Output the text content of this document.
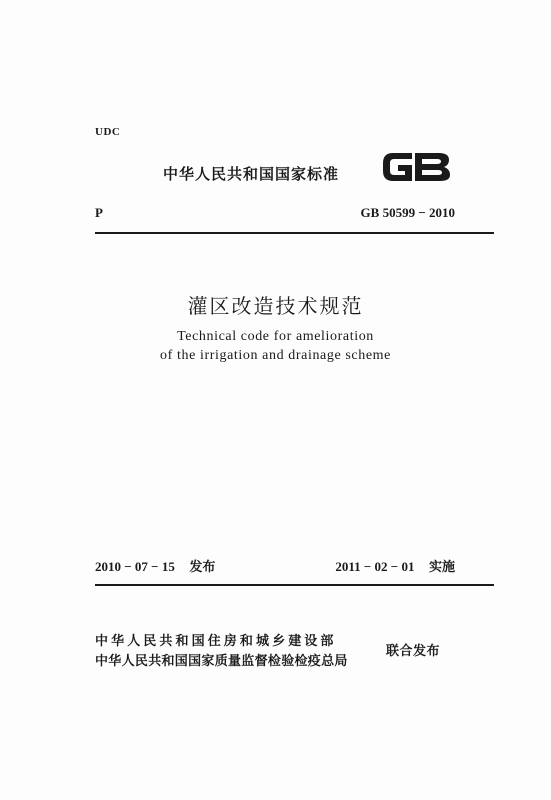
UDC
中华人民共和国国家标准
P	GB 50599 − 2010
灌区改造技术规范
Technical code for amelioration
of the irrigation and drainage scheme
2010 − 07 − 15 发布	2011 − 02 − 01 实施
中华人民共和国住房和城乡建设部
中华人民共和国国家质量监督检验检疫总局
联合发布
